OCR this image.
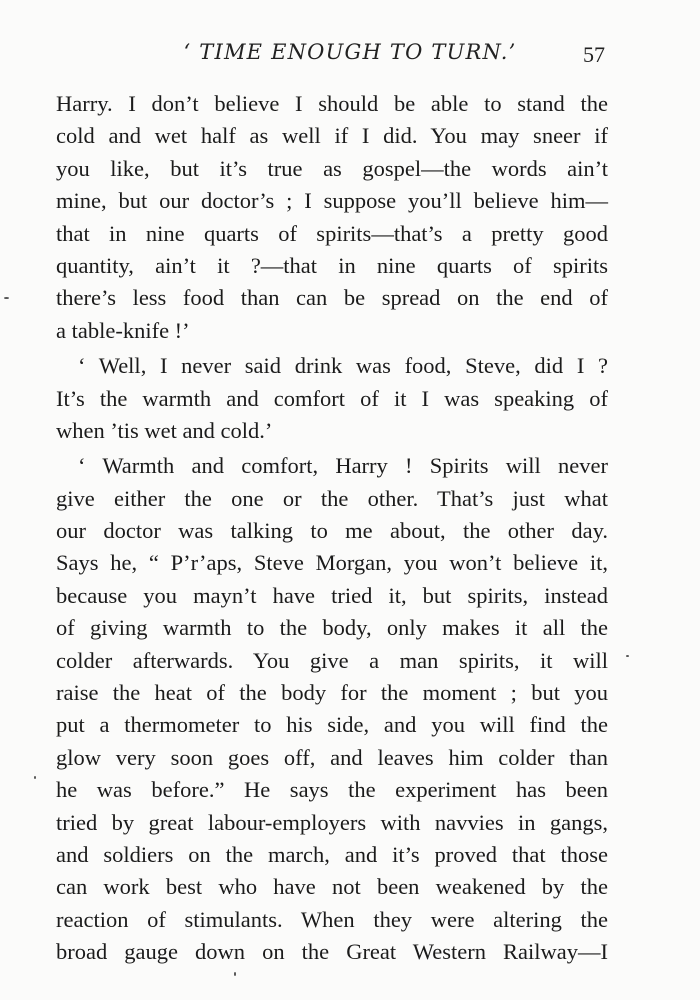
‘ TIME ENOUGH TO TURN.’	57
Harry. I don’t believe I should be able to stand the
cold and wet half as well if I did. You may sneer if
you like, but it’s true as gospel—the words ain’t
mine, but our doctor’s ; I suppose you’ll believe him—
that in nine quarts of spirits—that’s a pretty good
quantity, ain’t it ?—that in nine quarts of spirits
there’s less food than can be spread on the end of
a table-knife !’
‘ Well, I never said drink was food, Steve, did I ?
It’s the warmth and comfort of it I was speaking of
when ’tis wet and cold.’
‘ Warmth and comfort, Harry ! Spirits will never
give either the one or the other. That’s just what
our doctor was talking to me about, the other day.
Says he, “ P’r’aps, Steve Morgan, you won’t believe it,
because you mayn’t have tried it, but spirits, instead
of giving warmth to the body, only makes it all the
colder afterwards. You give a man spirits, it will
raise the heat of the body for the moment ; but you
put a thermometer to his side, and you will find the
glow very soon goes off, and leaves him colder than
he was before.” He says the experiment has been
tried by great labour-employers with navvies in gangs,
and soldiers on the march, and it’s proved that those
can work best who have not been weakened by the
reaction of stimulants. When they were altering the
broad gauge down on the Great Western Railway—I
